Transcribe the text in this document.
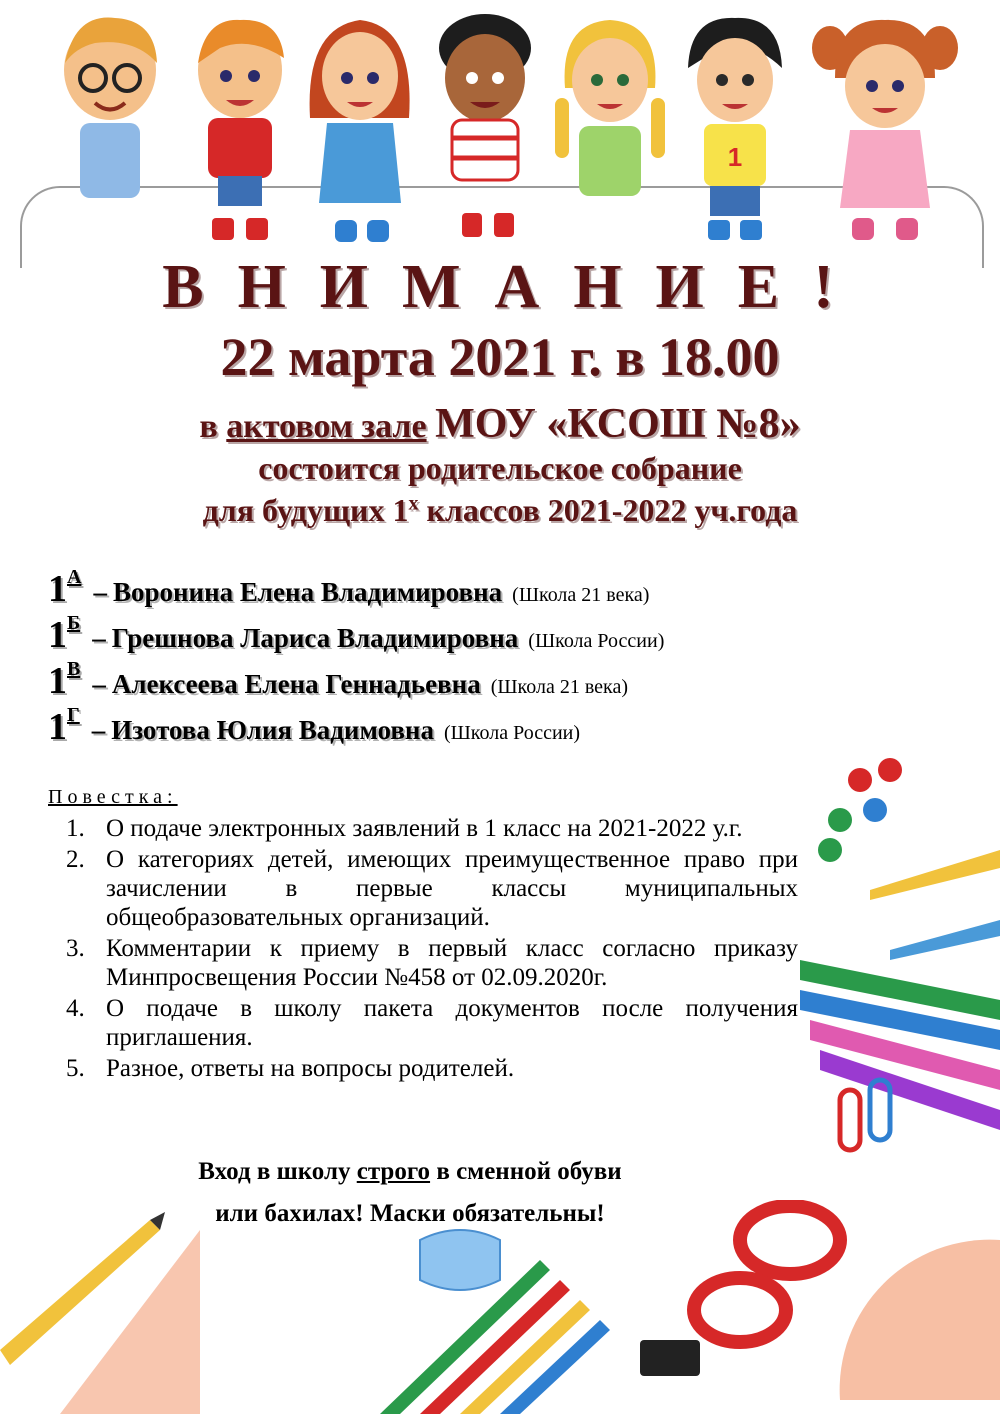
1
ВНИМАНИЕ!
22 марта 2021 г. в 18.00
в актовом зале МОУ «КСОШ №8»
состоится родительское собрание
для будущих $1^х$ классов 2021-2022 уч.года
$1^А$ – Воронина Елена Владимировна (Школа 21 века)
$1^Б$ – Грешнова Лариса Владимировна (Школа России)
$1^В$ – Алексеева Елена Геннадьевна (Школа 21 века)
$1^Г$ – Изотова Юлия Вадимовна (Школа России)
Повестка:
1. О подаче электронных заявлений в 1 класс на 2021-2022 у.г.
2. О категориях детей, имеющих преимущественное право при зачислении в первые классы муниципальных общеобразовательных организаций.
3. Комментарии к приему в первый класс согласно приказу Минпросвещения России №458 от 02.09.2020г.
4. О подаче в школу пакета документов после получения приглашения.
5. Разное, ответы на вопросы родителей.
Вход в школу строго в сменной обуви
или бахилах! Маски обязательны!
